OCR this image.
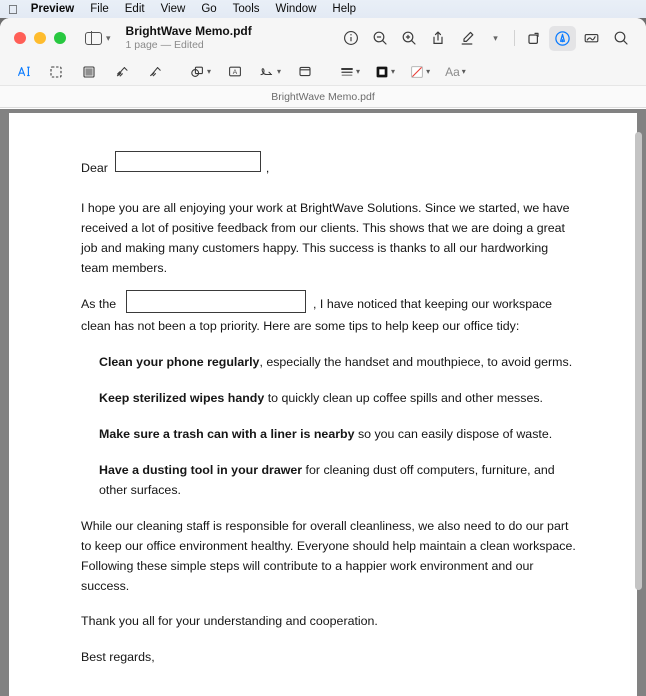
Preview File Edit View Go Tools Window Help
▾ BrightWave Memo.pdf
1 page — Edited
▾
▾	A	▾	▾	▾	▾ Aa ▾
BrightWave Memo.pdf
Dear	,

I hope you are all enjoying your work at BrightWave Solutions. Since we started, we have received a lot of positive feedback from our clients. This shows that we are doing a great job and making many customers happy. This success is thanks to all our hardworking team members.

As the	, I have noticed that keeping our workspace clean has not been a top priority. Here are some tips to help keep our office tidy:

Clean your phone regularly, especially the handset and mouthpiece, to avoid germs.

Keep sterilized wipes handy to quickly clean up coffee spills and other messes.

Make sure a trash can with a liner is nearby so you can easily dispose of waste.

Have a dusting tool in your drawer for cleaning dust off computers, furniture, and other surfaces.

While our cleaning staff is responsible for overall cleanliness, we also need to do our part to keep our office environment healthy. Everyone should help maintain a clean workspace. Following these simple steps will contribute to a happier work environment and our success.

Thank you all for your understanding and cooperation.

Best regards,
